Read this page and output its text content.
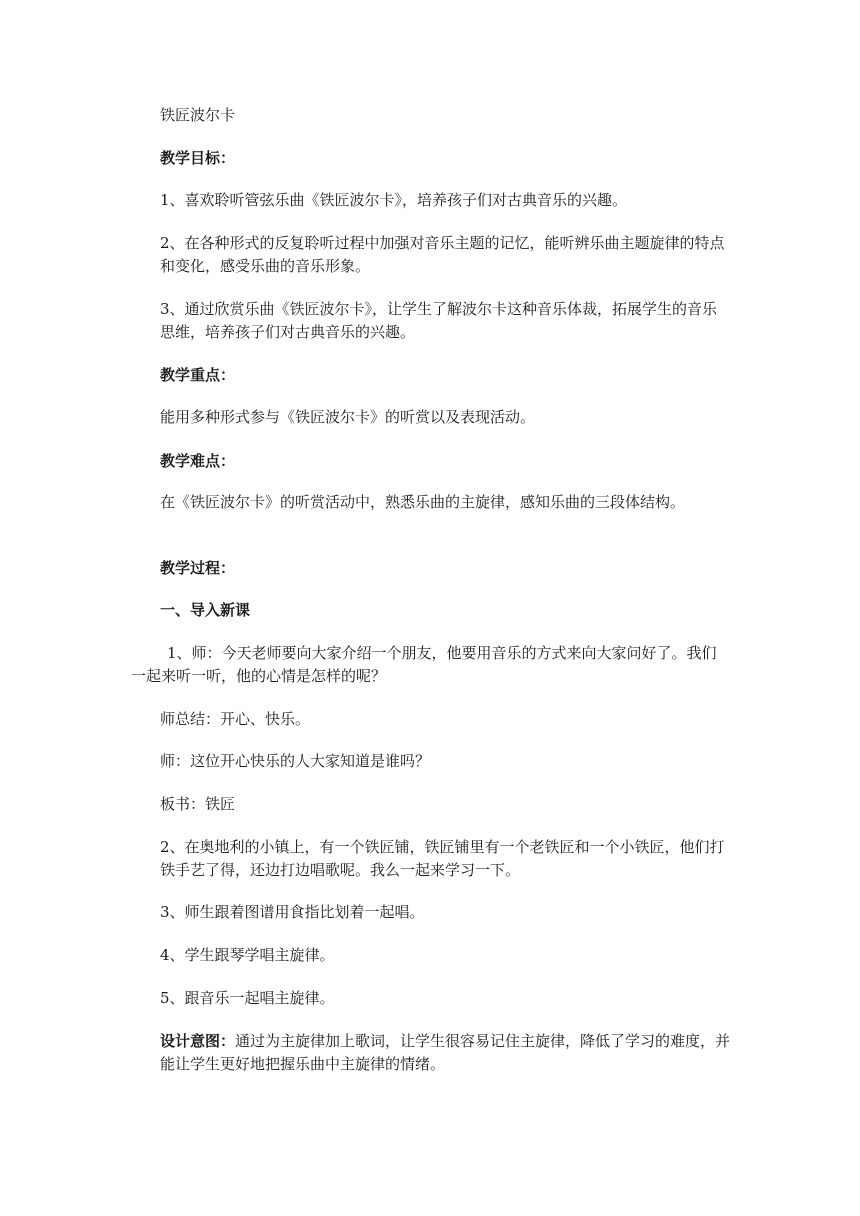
铁匠波尔卡

教学目标：

1、喜欢聆听管弦乐曲《铁匠波尔卡》，培养孩子们对古典音乐的兴趣。

2、在各种形式的反复聆听过程中加强对音乐主题的记忆，能听辨乐曲主题旋律的特点和变化，感受乐曲的音乐形象。

3、通过欣赏乐曲《铁匠波尔卡》，让学生了解波尔卡这种音乐体裁，拓展学生的音乐思维，培养孩子们对古典音乐的兴趣。

教学重点：

能用多种形式参与《铁匠波尔卡》的听赏以及表现活动。

教学难点：

在《铁匠波尔卡》的听赏活动中，熟悉乐曲的主旋律，感知乐曲的三段体结构。

教学过程：

一、导入新课

1、师：今天老师要向大家介绍一个朋友，他要用音乐的方式来向大家问好了。我们一起来听一听，他的心情是怎样的呢？

师总结：开心、快乐。

师：这位开心快乐的人大家知道是谁吗？

板书：铁匠

2、在奥地利的小镇上，有一个铁匠铺，铁匠铺里有一个老铁匠和一个小铁匠，他们打铁手艺了得，还边打边唱歌呢。我么一起来学习一下。

3、师生跟着图谱用食指比划着一起唱。

4、学生跟琴学唱主旋律。

5、跟音乐一起唱主旋律。

设计意图：通过为主旋律加上歌词，让学生很容易记住主旋律，降低了学习的难度，并能让学生更好地把握乐曲中主旋律的情绪。
